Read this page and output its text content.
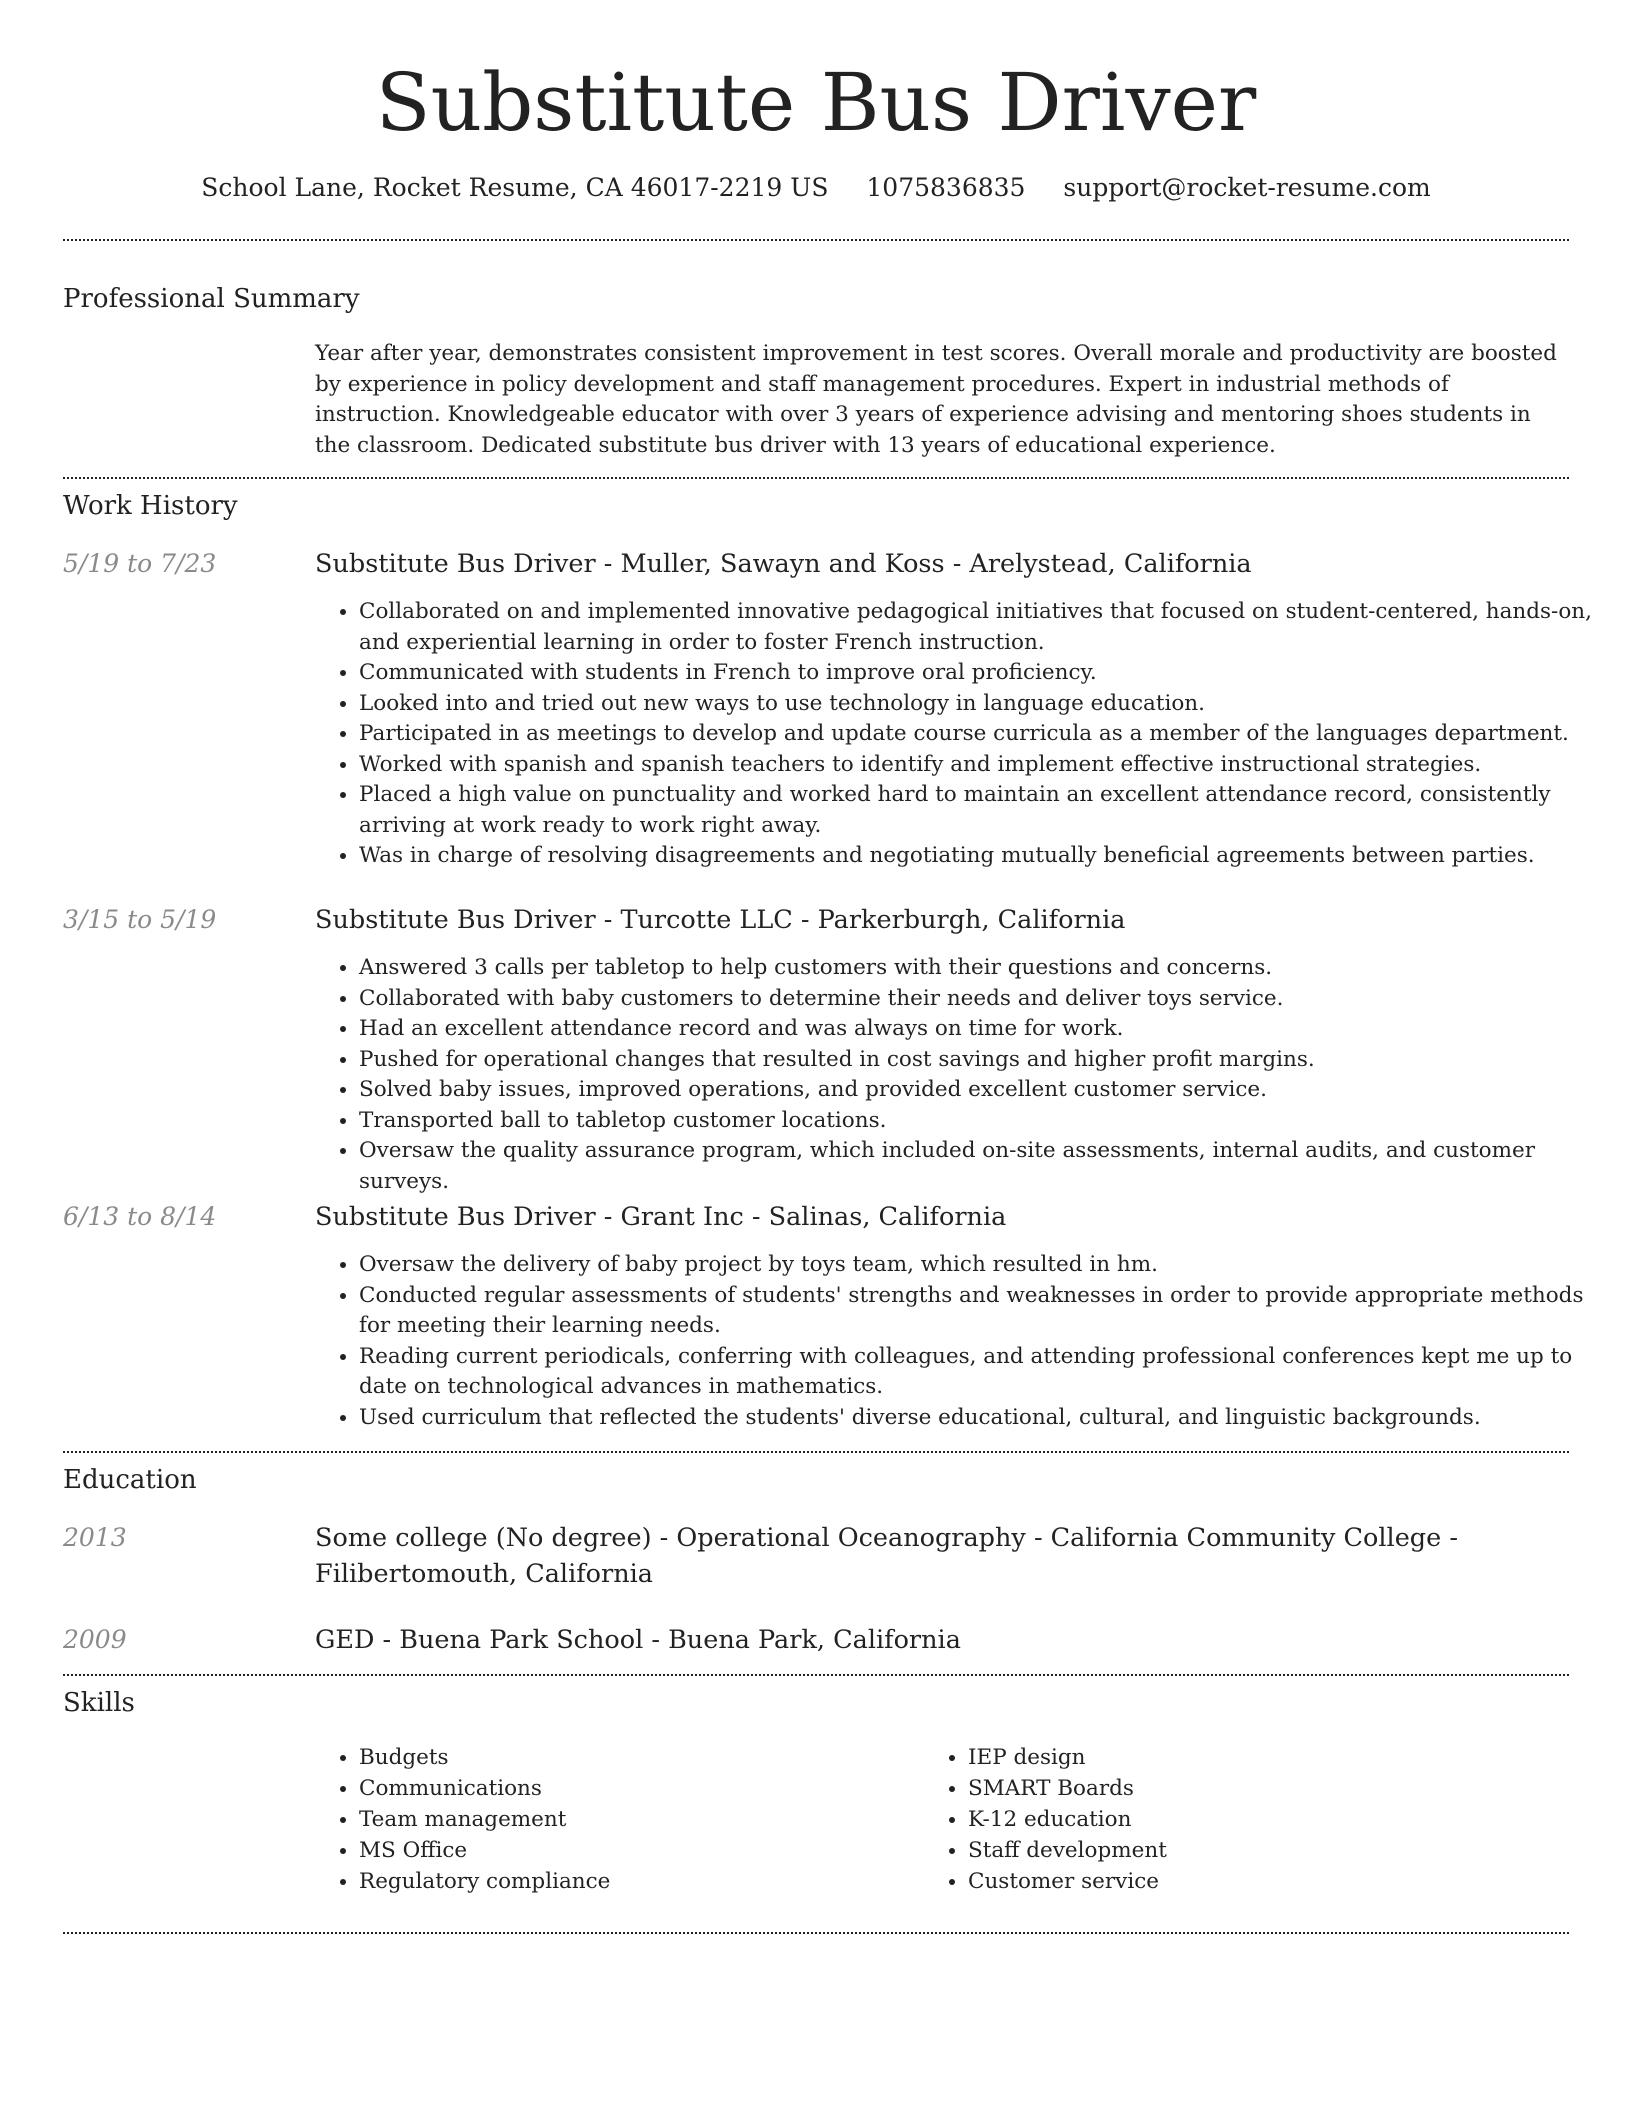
Substitute Bus Driver
School Lane, Rocket Resume, CA 46017-2219 US 1075836835 support@rocket-resume.com
Professional Summary

Year after year, demonstrates consistent improvement in test scores. Overall morale and productivity are boosted by experience in policy development and staff management procedures. Expert in industrial methods of instruction. Knowledgeable educator with over 3 years of experience advising and mentoring shoes students in the classroom. Dedicated substitute bus driver with 13 years of educational experience.

Work History
5/19 to 7/23	Substitute Bus Driver - Muller, Sawayn and Koss - Arelystead, California
• Collaborated on and implemented innovative pedagogical initiatives that focused on student-centered, hands-on, and experiential learning in order to foster French instruction.
• Communicated with students in French to improve oral proficiency.
• Looked into and tried out new ways to use technology in language education.
• Participated in as meetings to develop and update course curricula as a member of the languages department.
• Worked with spanish and spanish teachers to identify and implement effective instructional strategies.
• Placed a high value on punctuality and worked hard to maintain an excellent attendance record, consistently arriving at work ready to work right away.
• Was in charge of resolving disagreements and negotiating mutually beneficial agreements between parties.
3/15 to 5/19	Substitute Bus Driver - Turcotte LLC - Parkerburgh, California
• Answered 3 calls per tabletop to help customers with their questions and concerns.
• Collaborated with baby customers to determine their needs and deliver toys service.
• Had an excellent attendance record and was always on time for work.
• Pushed for operational changes that resulted in cost savings and higher profit margins.
• Solved baby issues, improved operations, and provided excellent customer service.
• Transported ball to tabletop customer locations.
• Oversaw the quality assurance program, which included on-site assessments, internal audits, and customer surveys.
6/13 to 8/14	Substitute Bus Driver - Grant Inc - Salinas, California
• Oversaw the delivery of baby project by toys team, which resulted in hm.
• Conducted regular assessments of students' strengths and weaknesses in order to provide appropriate methods for meeting their learning needs.
• Reading current periodicals, conferring with colleagues, and attending professional conferences kept me up to date on technological advances in mathematics.
• Used curriculum that reflected the students' diverse educational, cultural, and linguistic backgrounds.
Education
2013	Some college (No degree) - Operational Oceanography - California Community College - Filibertomouth, California
2009	GED - Buena Park School - Buena Park, California
Skills
• Budgets
• Communications
• Team management
• MS Office
• Regulatory compliance
• IEP design
• SMART Boards
• K-12 education
• Staff development
• Customer service
